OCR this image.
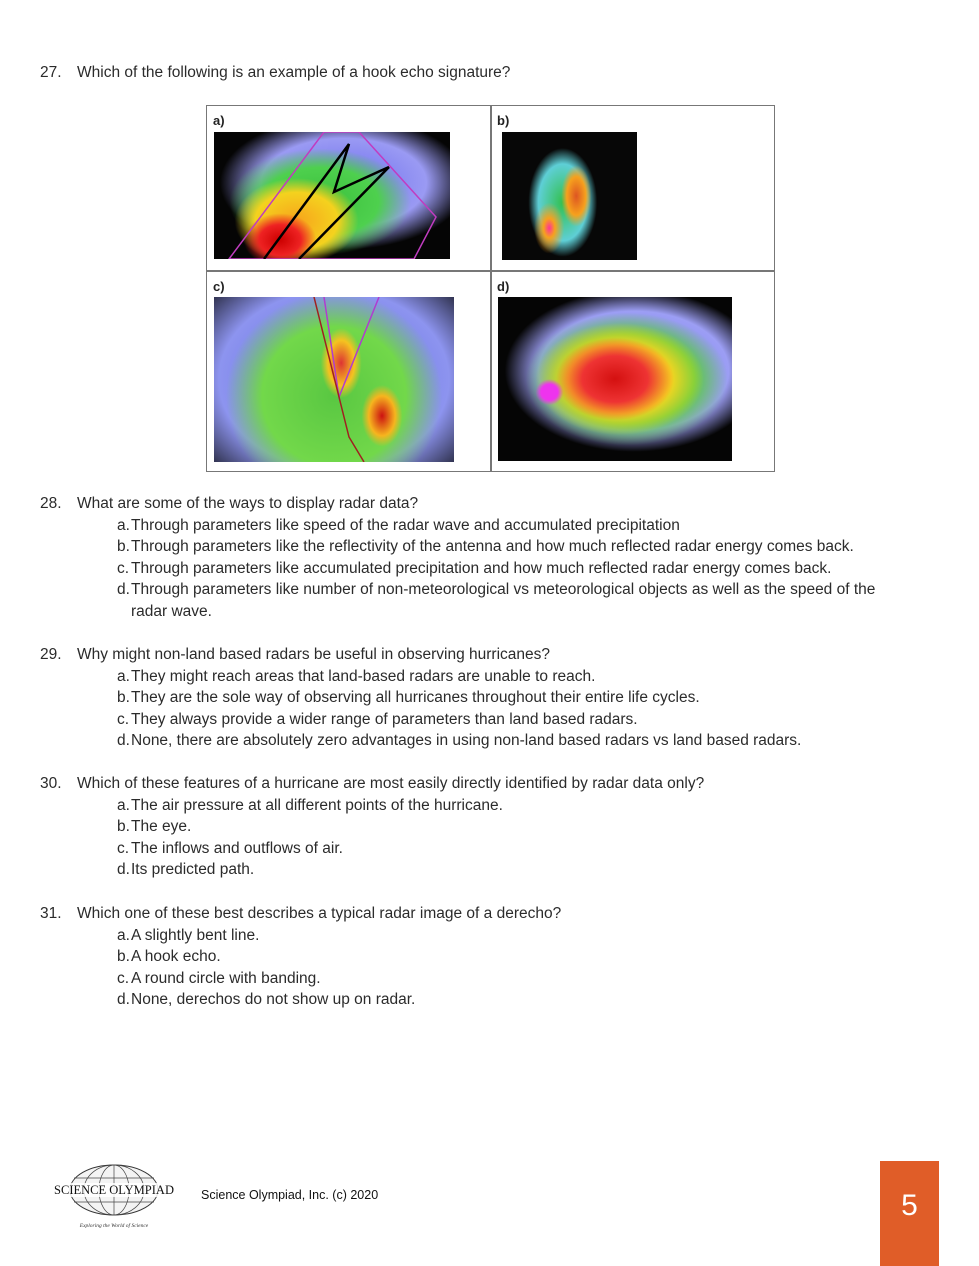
27. Which of the following is an example of a hook echo signature?
a)	b)
c)	d)
28. What are some of the ways to display radar data?
a. Through parameters like speed of the radar wave and accumulated precipitation
b. Through parameters like the reflectivity of the antenna and how much reflected radar energy comes back.
c. Through parameters like accumulated precipitation and how much reflected radar energy comes back.
d. Through parameters like number of non-meteorological vs meteorological objects as well as the speed of the radar wave.
29. Why might non-land based radars be useful in observing hurricanes?
a. They might reach areas that land-based radars are unable to reach.
b. They are the sole way of observing all hurricanes throughout their entire life cycles.
c. They always provide a wider range of parameters than land based radars.
d. None, there are absolutely zero advantages in using non-land based radars vs land based radars.
30. Which of these features of a hurricane are most easily directly identified by radar data only?
a. The air pressure at all different points of the hurricane.
b. The eye.
c. The inflows and outflows of air.
d. Its predicted path.
31. Which one of these best describes a typical radar image of a derecho?
a. A slightly bent line.
b. A hook echo.
c. A round circle with banding.
d. None, derechos do not show up on radar.
SCIENCE OLYMPIAD
Exploring the World of Science
Science Olympiad, Inc. (c) 2020	5
